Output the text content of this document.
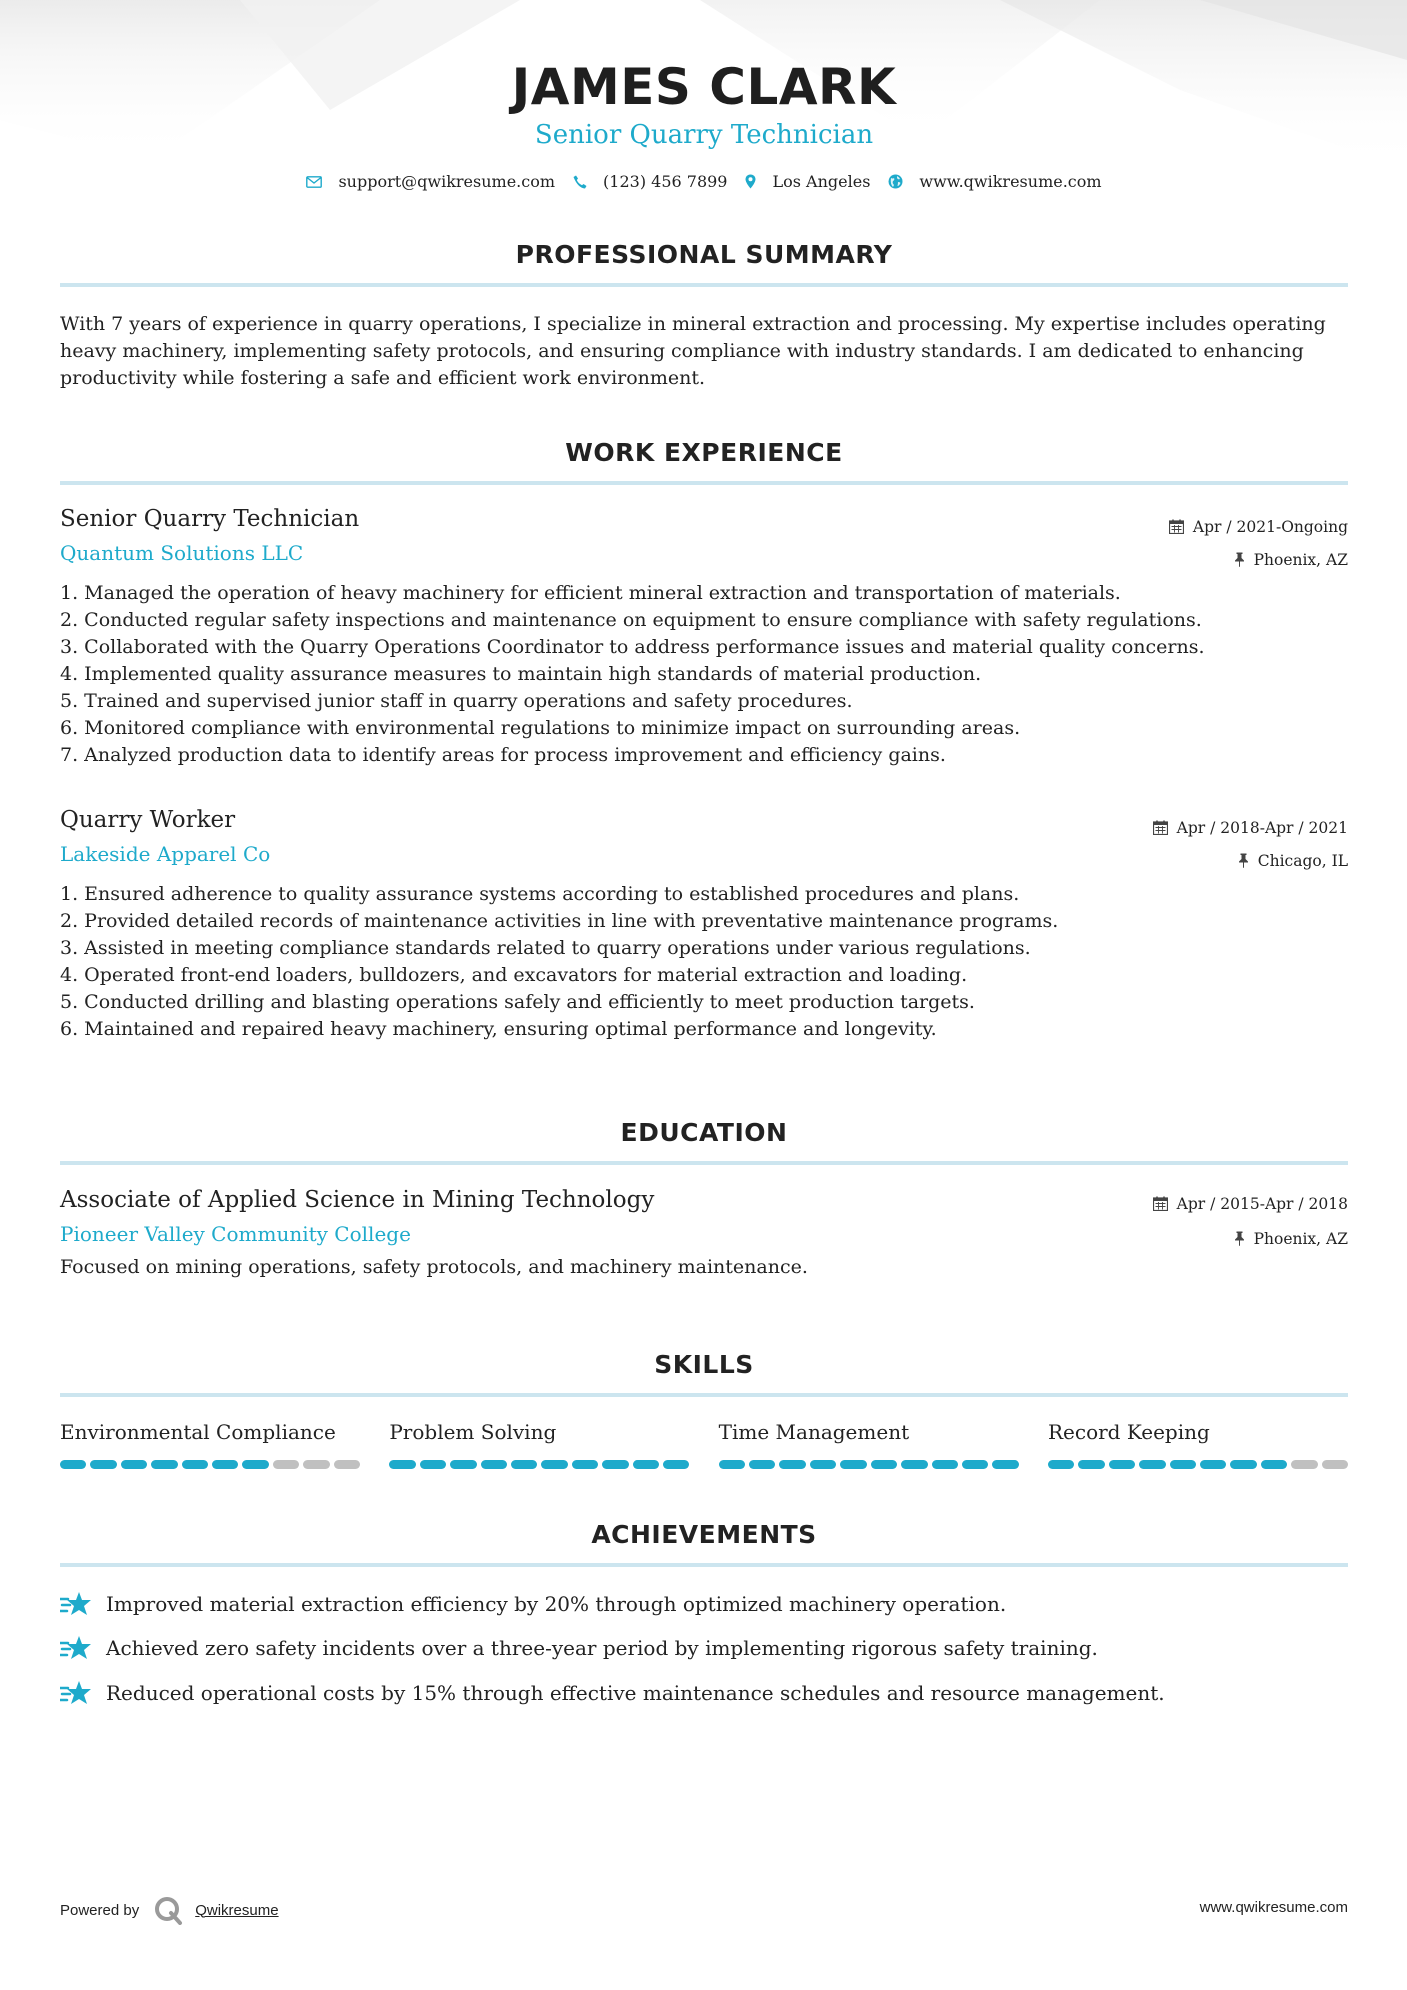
JAMES CLARK
Senior Quarry Technician
support@qwikresume.com	(123) 456 7899	Los Angeles	www.qwikresume.com
PROFESSIONAL SUMMARY
With 7 years of experience in quarry operations, I specialize in mineral extraction and processing. My expertise includes operating heavy machinery, implementing safety protocols, and ensuring compliance with industry standards. I am dedicated to enhancing productivity while fostering a safe and efficient work environment.
WORK EXPERIENCE
Senior Quarry Technician
Quantum Solutions LLC
Apr / 2021-Ongoing
Phoenix, AZ
1. Managed the operation of heavy machinery for efficient mineral extraction and transportation of materials.
2. Conducted regular safety inspections and maintenance on equipment to ensure compliance with safety regulations.
3. Collaborated with the Quarry Operations Coordinator to address performance issues and material quality concerns.
4. Implemented quality assurance measures to maintain high standards of material production.
5. Trained and supervised junior staff in quarry operations and safety procedures.
6. Monitored compliance with environmental regulations to minimize impact on surrounding areas.
7. Analyzed production data to identify areas for process improvement and efficiency gains.
Quarry Worker
Lakeside Apparel Co
Apr / 2018-Apr / 2021
Chicago, IL
1. Ensured adherence to quality assurance systems according to established procedures and plans.
2. Provided detailed records of maintenance activities in line with preventative maintenance programs.
3. Assisted in meeting compliance standards related to quarry operations under various regulations.
4. Operated front-end loaders, bulldozers, and excavators for material extraction and loading.
5. Conducted drilling and blasting operations safely and efficiently to meet production targets.
6. Maintained and repaired heavy machinery, ensuring optimal performance and longevity.
EDUCATION
Associate of Applied Science in Mining Technology
Pioneer Valley Community College
Apr / 2015-Apr / 2018
Phoenix, AZ
Focused on mining operations, safety protocols, and machinery maintenance.
SKILLS
Environmental Compliance	Problem Solving	Time Management	Record Keeping
ACHIEVEMENTS
Improved material extraction efficiency by 20% through optimized machinery operation.
Achieved zero safety incidents over a three-year period by implementing rigorous safety training.
Reduced operational costs by 15% through effective maintenance schedules and resource management.
Powered by	Qwikresume	www.qwikresume.com
